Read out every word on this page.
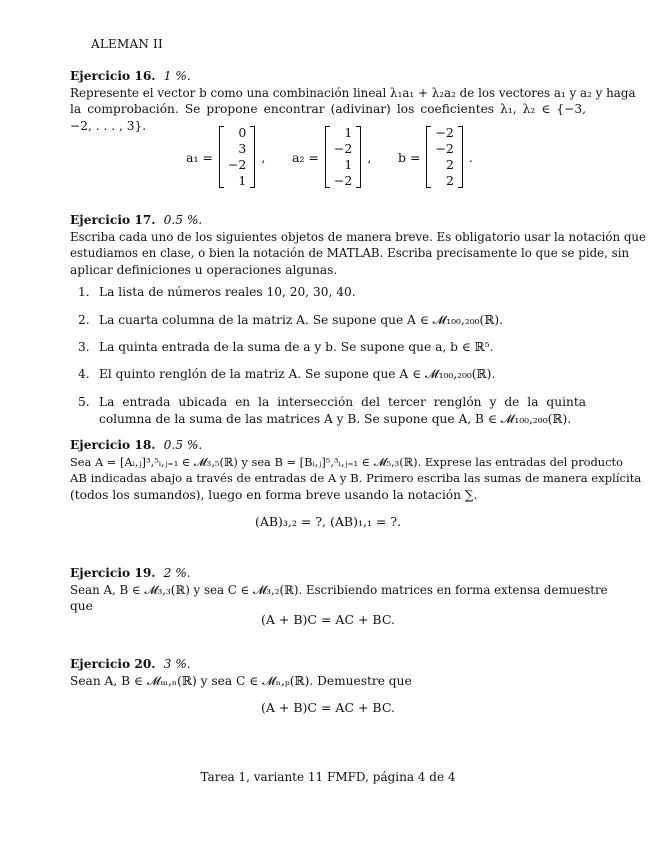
ALEMAN II
Ejercicio 16. 1 %.
Represente el vector b como una combinación lineal λ₁a₁ + λ₂a₂ de los vectores a₁ y a₂ y haga
la comprobación. Se propone encontrar (adivinar) los coeficientes λ₁, λ₂ ∈ {−3, −2, . . . , 3}.
a₁ =
0
3
−2
1
, a₂ =
1
−2
1
−2
, b =
−2
−2
2
2
.
Ejercicio 17. 0.5 %.
Escriba cada uno de los siguientes objetos de manera breve. Es obligatorio usar la notación que
estudiamos en clase, o bien la notación de MATLAB. Escriba precisamente lo que se pide, sin
aplicar definiciones u operaciones algunas.
1. La lista de números reales 10, 20, 30, 40.
2. La cuarta columna de la matriz A. Se supone que A ∈ 𝓜₁₀₀,₂₀₀(ℝ).
3. La quinta entrada de la suma de a y b. Se supone que a, b ∈ ℝ⁵.
4. El quinto renglón de la matriz A. Se supone que A ∈ 𝓜₁₀₀,₂₀₀(ℝ).
5. La entrada ubicada en la intersección del tercer renglón y de la quinta columna de la suma de las matrices A y B. Se supone que A, B ∈ 𝓜₁₀₀,₂₀₀(ℝ).
Ejercicio 18. 0.5 %.
Sea A = [Aᵢ,ⱼ]³,⁵ᵢ,ⱼ₌₁ ∈ 𝓜₃,₅(ℝ) y sea B = [Bᵢ,ⱼ]⁵,³ᵢ,ⱼ₌₁ ∈ 𝓜₅,₃(ℝ). Exprese las entradas del producto
AB indicadas abajo a través de entradas de A y B. Primero escriba las sumas de manera explícita
(todos los sumandos), luego en forma breve usando la notación ∑.
(AB)₃,₂ = ?, (AB)₁,₁ = ?.
Ejercicio 19. 2 %.
Sean A, B ∈ 𝓜₃,₃(ℝ) y sea C ∈ 𝓜₃,₂(ℝ). Escribiendo matrices en forma extensa demuestre
que
(A + B)C = AC + BC.
Ejercicio 20. 3 %.
Sean A, B ∈ 𝓜ₘ,ₙ(ℝ) y sea C ∈ 𝓜ₙ,ₚ(ℝ). Demuestre que
(A + B)C = AC + BC.
Tarea 1, variante 11 FMFD, página 4 de 4
